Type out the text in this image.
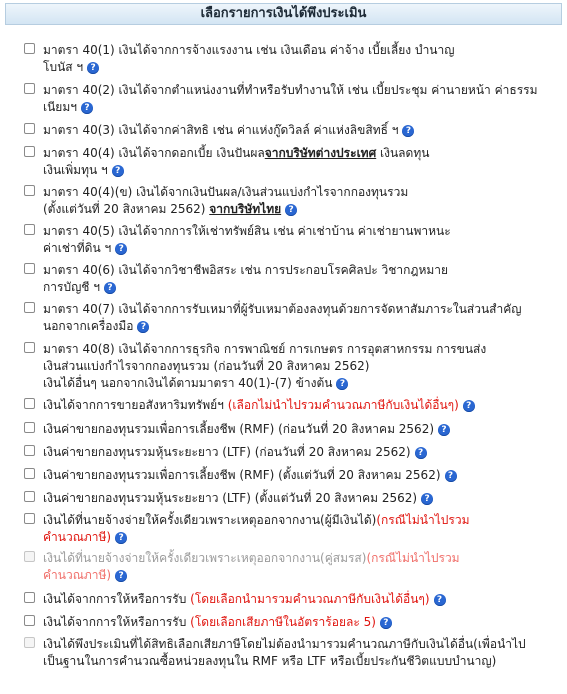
เลือกรายการเงินได้พึงประเมิน
มาตรา 40(1) เงินได้จากการจ้างแรงงาน เช่น เงินเดือน ค่าจ้าง เบี้ยเลี้ยง บำนาญ
โบนัส ฯ ?
มาตรา 40(2) เงินได้จากตำแหน่งงานที่ทำหรือรับทำงานให้ เช่น เบี้ยประชุม ค่านายหน้า ค่าธรรม
เนียมฯ ?
มาตรา 40(3) เงินได้จากค่าสิทธิ เช่น ค่าแห่งกู๊ดวิลล์ ค่าแห่งลิขสิทธิ์ ฯ ?
มาตรา 40(4) เงินได้จากดอกเบี้ย เงินปันผลจากบริษัทต่างประเทศ เงินลดทุน
เงินเพิ่มทุน ฯ ?
มาตรา 40(4)(ข) เงินได้จากเงินปันผล/เงินส่วนแบ่งกำไรจากกองทุนรวม
(ตั้งแต่วันที่ 20 สิงหาคม 2562) จากบริษัทไทย ?
มาตรา 40(5) เงินได้จากการให้เช่าทรัพย์สิน เช่น ค่าเช่าบ้าน ค่าเช่ายานพาหนะ
ค่าเช่าที่ดิน ฯ ?
มาตรา 40(6) เงินได้จากวิชาชีพอิสระ เช่น การประกอบโรคศิลปะ วิชากฎหมาย
การบัญชี ฯ ?
มาตรา 40(7) เงินได้จากการรับเหมาที่ผู้รับเหมาต้องลงทุนด้วยการจัดหาสัมภาระในส่วนสำคัญ
นอกจากเครื่องมือ ?
มาตรา 40(8) เงินได้จากการธุรกิจ การพาณิชย์ การเกษตร การอุตสาหกรรม การขนส่ง
เงินส่วนแบ่งกำไรจากกองทุนรวม (ก่อนวันที่ 20 สิงหาคม 2562)
เงินได้อื่นๆ นอกจากเงินได้ตามมาตรา 40(1)-(7) ข้างต้น ?
เงินได้จากการขายอสังหาริมทรัพย์ฯ (เลือกไม่นำไปรวมคำนวณภาษีกับเงินได้อื่นๆ) ?
เงินค่าขายกองทุนรวมเพื่อการเลี้ยงชีพ (RMF) (ก่อนวันที่ 20 สิงหาคม 2562) ?
เงินค่าขายกองทุนรวมหุ้นระยะยาว (LTF) (ก่อนวันที่ 20 สิงหาคม 2562) ?
เงินค่าขายกองทุนรวมเพื่อการเลี้ยงชีพ (RMF) (ตั้งแต่วันที่ 20 สิงหาคม 2562) ?
เงินค่าขายกองทุนรวมหุ้นระยะยาว (LTF) (ตั้งแต่วันที่ 20 สิงหาคม 2562) ?
เงินได้ที่นายจ้างจ่ายให้ครั้งเดียวเพราะเหตุออกจากงาน(ผู้มีเงินได้)(กรณีไม่นำไปรวม
คำนวณภาษี) ?
เงินได้ที่นายจ้างจ่ายให้ครั้งเดียวเพราะเหตุออกจากงาน(คู่สมรส)(กรณีไม่นำไปรวม
คำนวณภาษี) ?
เงินได้จากการให้หรือการรับ (โดยเลือกนำมารวมคำนวณภาษีกับเงินได้อื่นๆ) ?
เงินได้จากการให้หรือการรับ (โดยเลือกเสียภาษีในอัตราร้อยละ 5) ?
เงินได้พึงประเมินที่ได้สิทธิเลือกเสียภาษีโดยไม่ต้องนำมารวมคำนวณภาษีกับเงินได้อื่น(เพื่อนำไป
เป็นฐานในการคำนวณซื้อหน่วยลงทุนใน RMF หรือ LTF หรือเบี้ยประกันชีวิตแบบบำนาญ)
